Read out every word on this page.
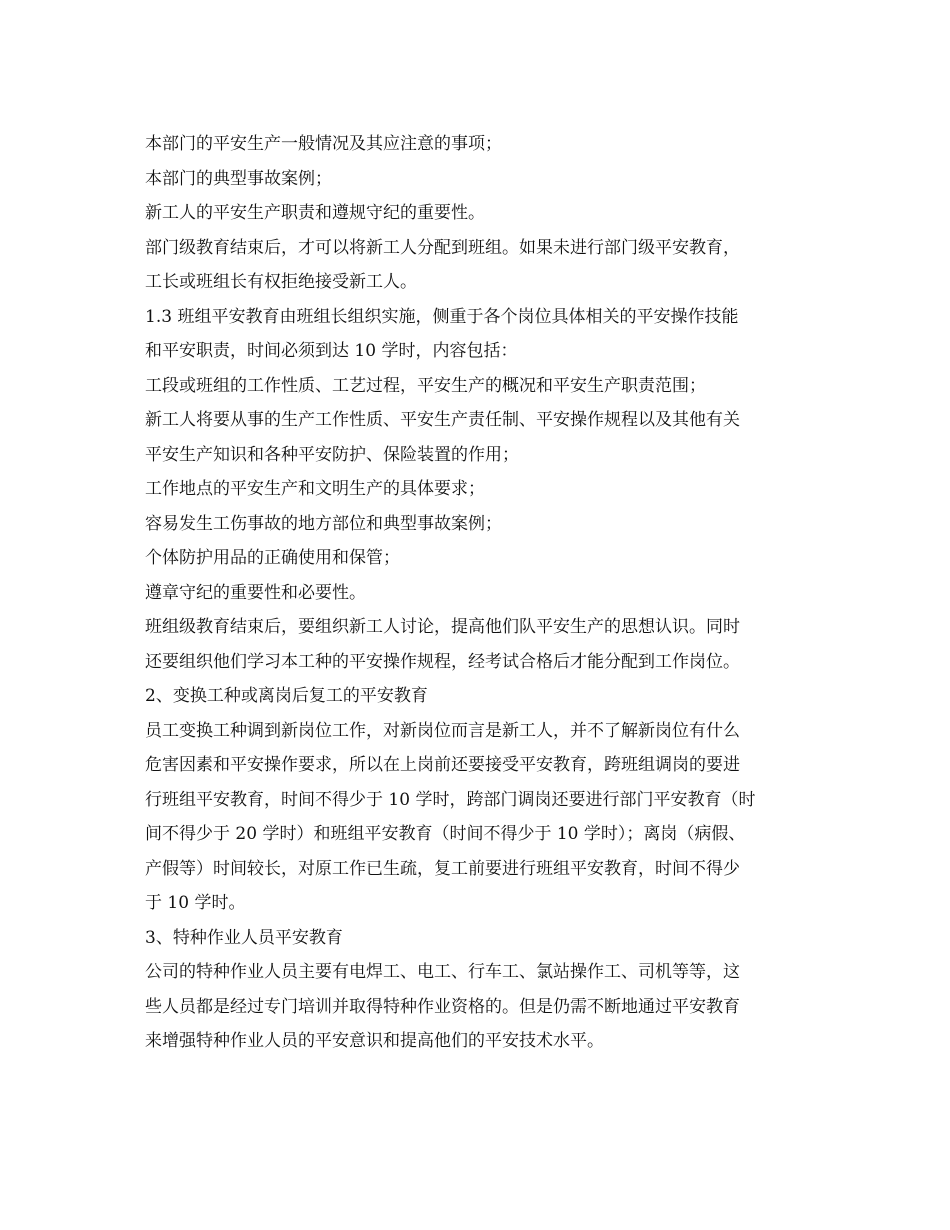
本部门的平安生产一般情况及其应注意的事项；
本部门的典型事故案例；
新工人的平安生产职责和遵规守纪的重要性。
部门级教育结束后，才可以将新工人分配到班组。如果未进行部门级平安教育，
工长或班组长有权拒绝接受新工人。
1.3 班组平安教育由班组长组织实施，侧重于各个岗位具体相关的平安操作技能
和平安职责，时间必须到达 10 学时，内容包括：
工段或班组的工作性质、工艺过程，平安生产的概况和平安生产职责范围；
新工人将要从事的生产工作性质、平安生产责任制、平安操作规程以及其他有关
平安生产知识和各种平安防护、保险装置的作用；
工作地点的平安生产和文明生产的具体要求；
容易发生工伤事故的地方部位和典型事故案例；
个体防护用品的正确使用和保管；
遵章守纪的重要性和必要性。
班组级教育结束后，要组织新工人讨论，提高他们队平安生产的思想认识。同时
还要组织他们学习本工种的平安操作规程，经考试合格后才能分配到工作岗位。
2、变换工种或离岗后复工的平安教育
员工变换工种调到新岗位工作，对新岗位而言是新工人，并不了解新岗位有什么
危害因素和平安操作要求，所以在上岗前还要接受平安教育，跨班组调岗的要进
行班组平安教育，时间不得少于 10 学时，跨部门调岗还要进行部门平安教育（时
间不得少于 20 学时）和班组平安教育（时间不得少于 10 学时）；离岗（病假、
产假等）时间较长，对原工作已生疏，复工前要进行班组平安教育，时间不得少
于 10 学时。
3、特种作业人员平安教育
公司的特种作业人员主要有电焊工、电工、行车工、氯站操作工、司机等等，这
些人员都是经过专门培训并取得特种作业资格的。但是仍需不断地通过平安教育
来增强特种作业人员的平安意识和提高他们的平安技术水平。
